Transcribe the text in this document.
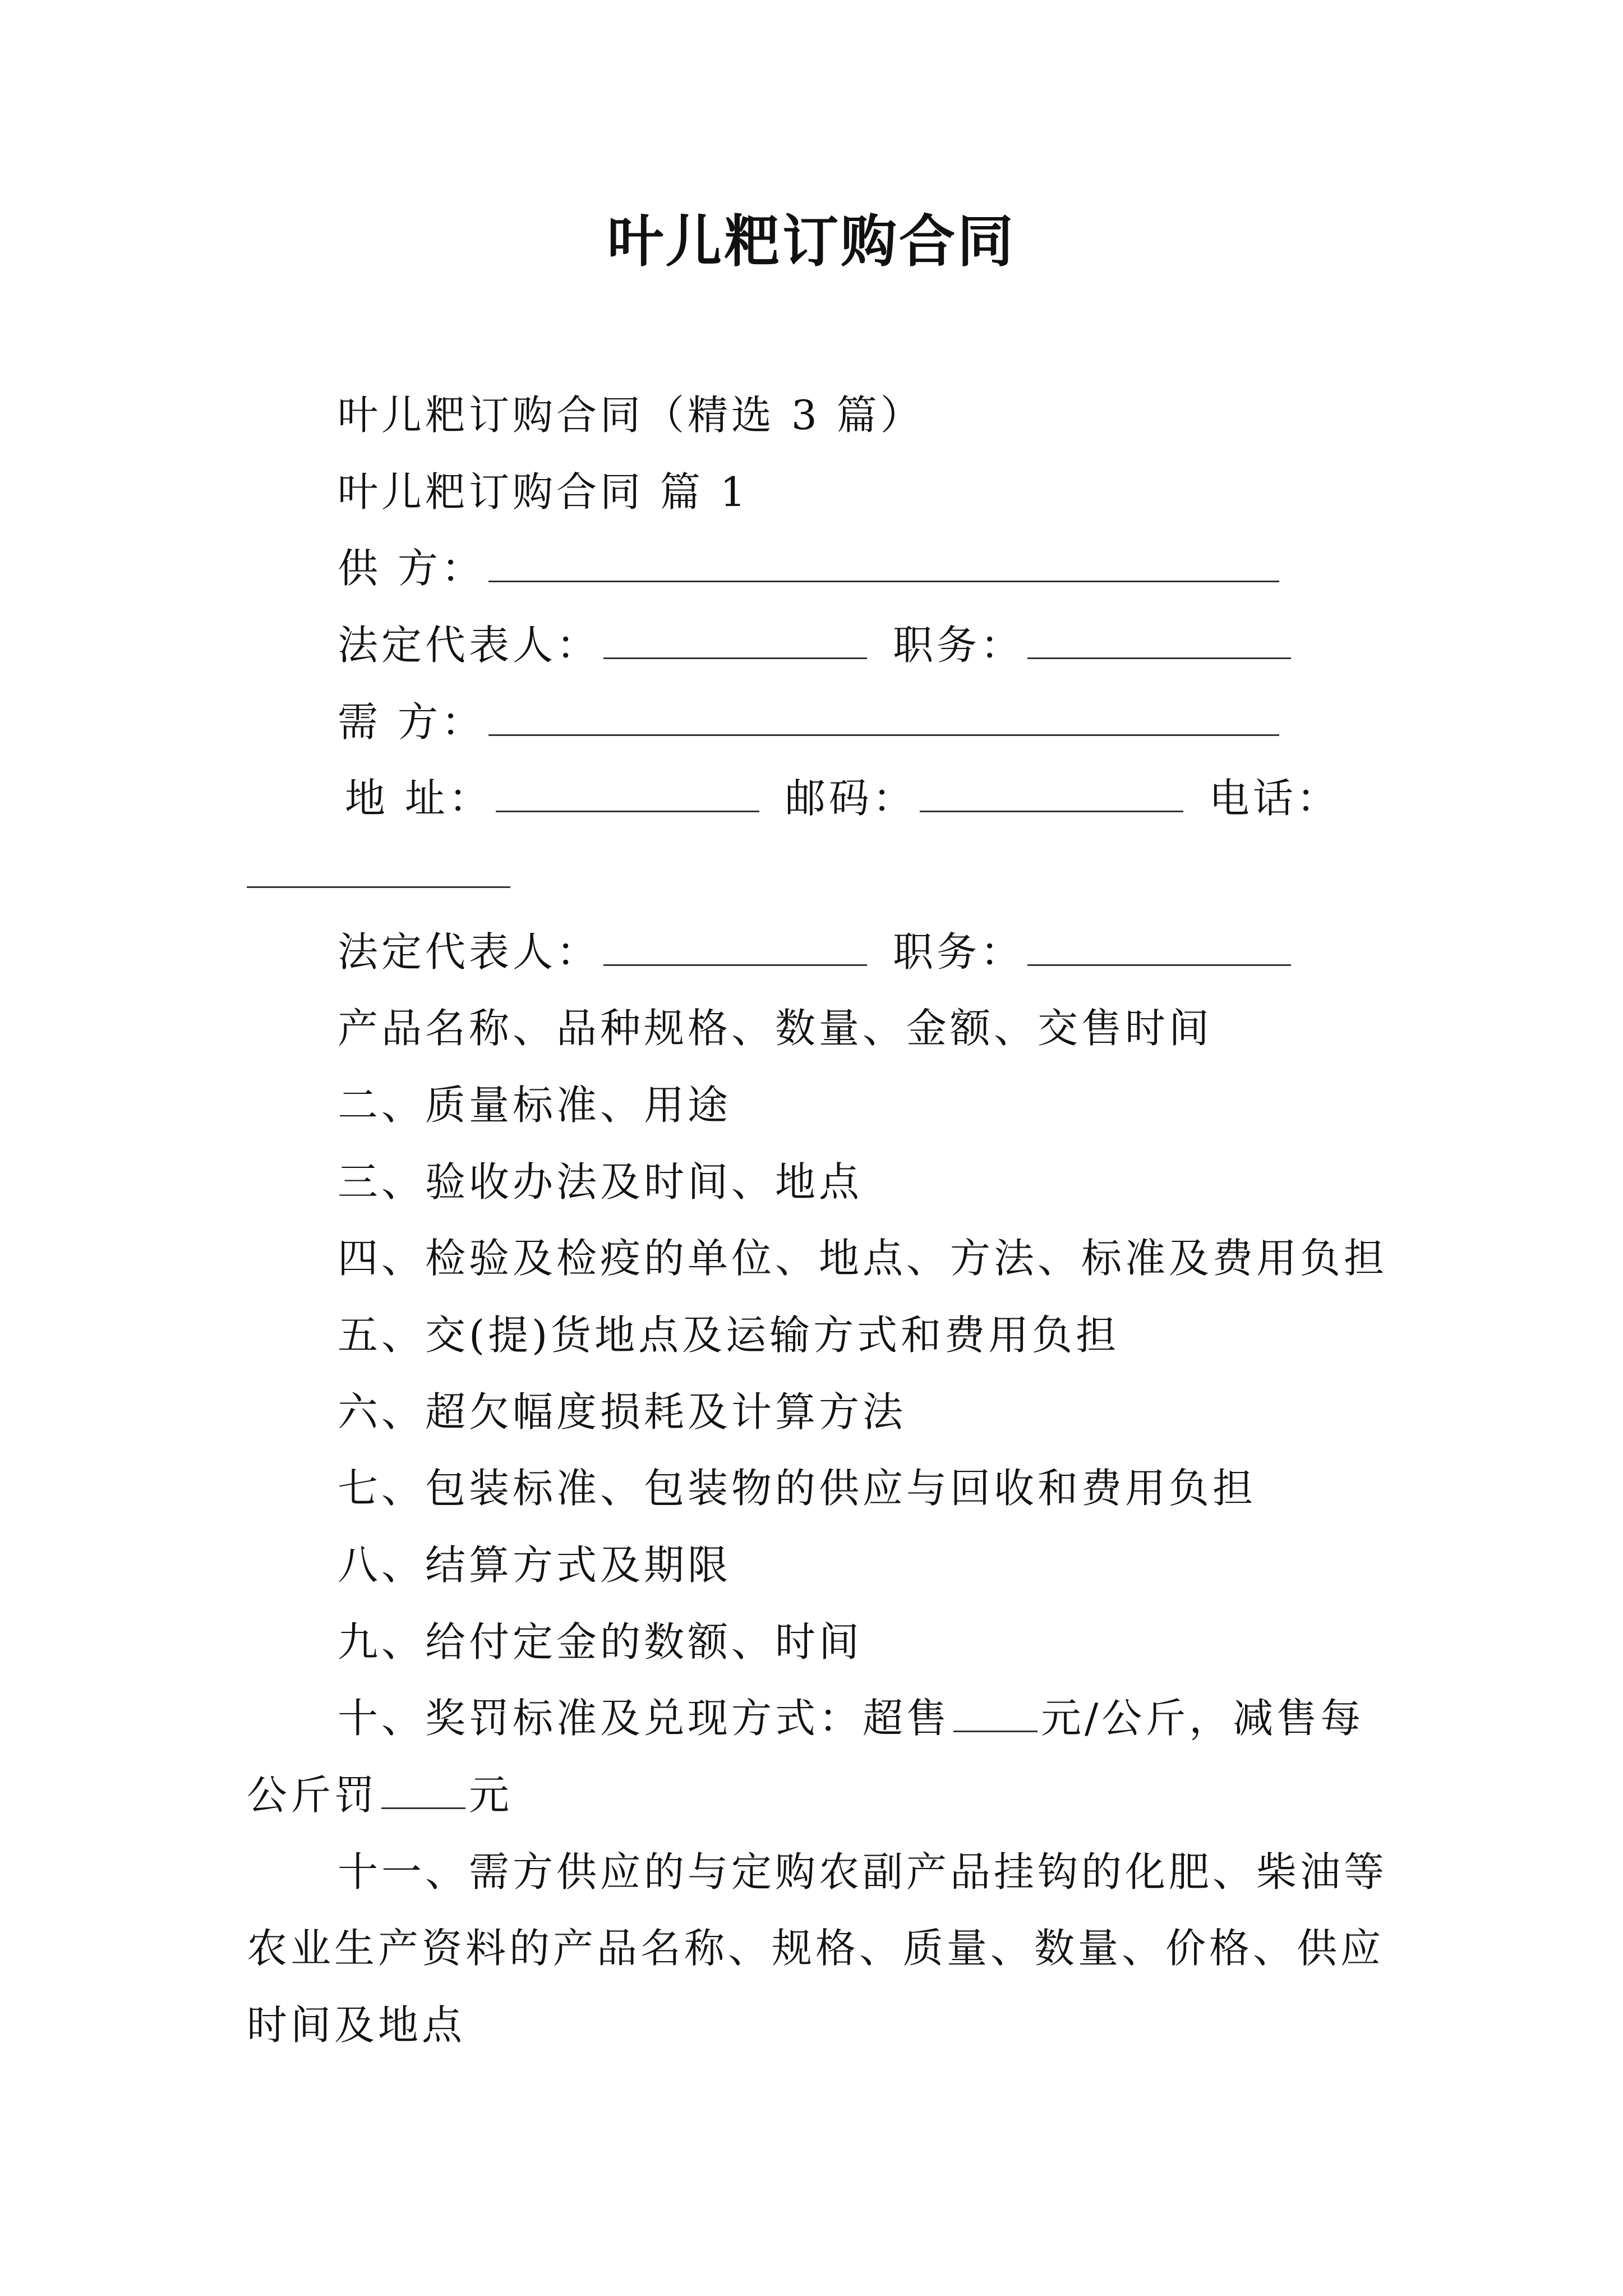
叶儿粑订购合同
叶儿粑订购合同（精选 3 篇）
叶儿粑订购合同 篇 1
供 方：
法定代表人：	职务：
需 方：
地 址：	邮码：	电话：
法定代表人：	职务：
产品名称、品种规格、数量、金额、交售时间
二、质量标准、用途
三、验收办法及时间、地点
四、检验及检疫的单位、地点、方法、标准及费用负担
五、交(提)货地点及运输方式和费用负担
六、超欠幅度损耗及计算方法
七、包装标准、包装物的供应与回收和费用负担
八、结算方式及期限
九、给付定金的数额、时间
十、奖罚标准及兑现方式：超售 元/公斤，减售每
公斤罚 元
十一、需方供应的与定购农副产品挂钩的化肥、柴油等
农业生产资料的产品名称、规格、质量、数量、价格、供应
时间及地点
